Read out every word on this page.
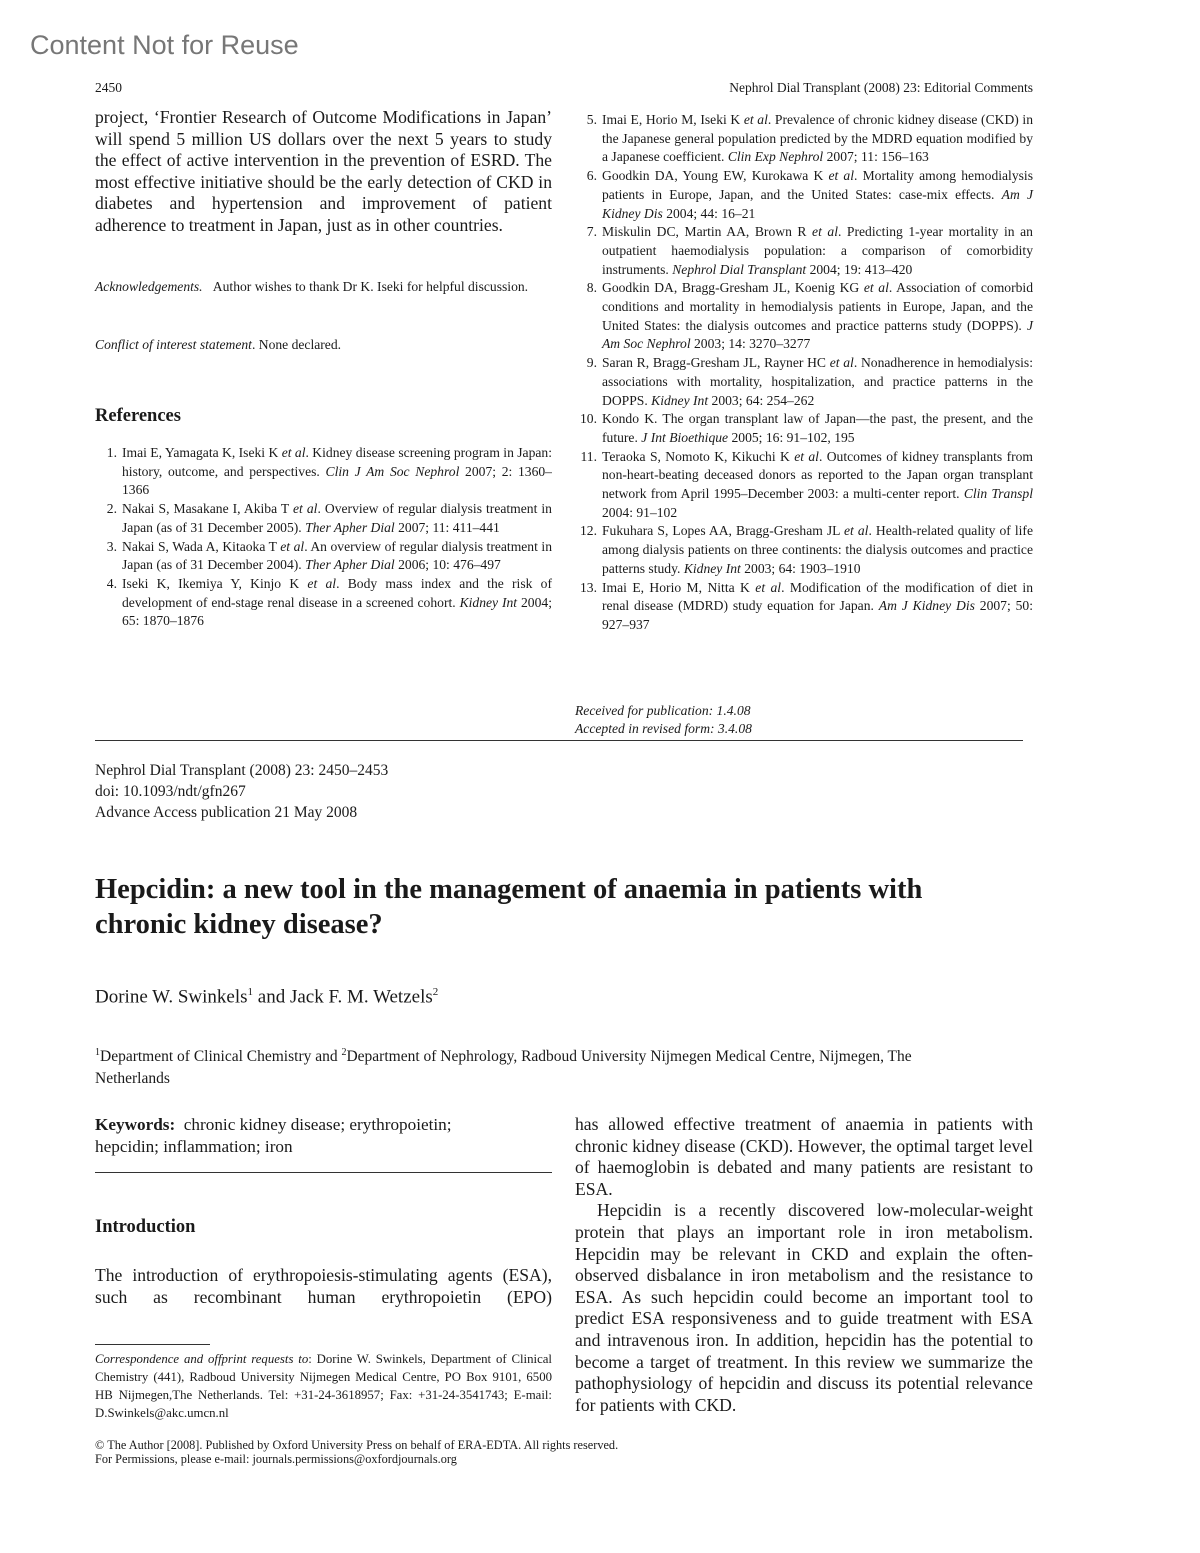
Content Not for Reuse
2450	Nephrol Dial Transplant (2008) 23: Editorial Comments
project, ‘Frontier Research of Outcome Modifications in Japan’ will spend 5 million US dollars over the next 5 years to study the effect of active intervention in the prevention of ESRD. The most effective initiative should be the early detection of CKD in diabetes and hypertension and improvement of patient adherence to treatment in Japan, just as in other countries.
Acknowledgements. Author wishes to thank Dr K. Iseki for helpful discussion.
Conflict of interest statement. None declared.
References
1. Imai E, Yamagata K, Iseki K et al. Kidney disease screening program in Japan: history, outcome, and perspectives. Clin J Am Soc Nephrol 2007; 2: 1360–1366
2. Nakai S, Masakane I, Akiba T et al. Overview of regular dialysis treatment in Japan (as of 31 December 2005). Ther Apher Dial 2007; 11: 411–441
3. Nakai S, Wada A, Kitaoka T et al. An overview of regular dialysis treatment in Japan (as of 31 December 2004). Ther Apher Dial 2006; 10: 476–497
4. Iseki K, Ikemiya Y, Kinjo K et al. Body mass index and the risk of development of end-stage renal disease in a screened cohort. Kidney Int 2004; 65: 1870–1876
5. Imai E, Horio M, Iseki K et al. Prevalence of chronic kidney disease (CKD) in the Japanese general population predicted by the MDRD equation modified by a Japanese coefficient. Clin Exp Nephrol 2007; 11: 156–163
6. Goodkin DA, Young EW, Kurokawa K et al. Mortality among hemodialysis patients in Europe, Japan, and the United States: case-mix effects. Am J Kidney Dis 2004; 44: 16–21
7. Miskulin DC, Martin AA, Brown R et al. Predicting 1-year mortality in an outpatient haemodialysis population: a comparison of comorbidity instruments. Nephrol Dial Transplant 2004; 19: 413–420
8. Goodkin DA, Bragg-Gresham JL, Koenig KG et al. Association of comorbid conditions and mortality in hemodialysis patients in Europe, Japan, and the United States: the dialysis outcomes and practice patterns study (DOPPS). J Am Soc Nephrol 2003; 14: 3270–3277
9. Saran R, Bragg-Gresham JL, Rayner HC et al. Nonadherence in hemodialysis: associations with mortality, hospitalization, and practice patterns in the DOPPS. Kidney Int 2003; 64: 254–262
10. Kondo K. The organ transplant law of Japan—the past, the present, and the future. J Int Bioethique 2005; 16: 91–102, 195
11. Teraoka S, Nomoto K, Kikuchi K et al. Outcomes of kidney transplants from non-heart-beating deceased donors as reported to the Japan organ transplant network from April 1995–December 2003: a multi-center report. Clin Transpl 2004: 91–102
12. Fukuhara S, Lopes AA, Bragg-Gresham JL et al. Health-related quality of life among dialysis patients on three continents: the dialysis outcomes and practice patterns study. Kidney Int 2003; 64: 1903–1910
13. Imai E, Horio M, Nitta K et al. Modification of the modification of diet in renal disease (MDRD) study equation for Japan. Am J Kidney Dis 2007; 50: 927–937
Received for publication: 1.4.08
Accepted in revised form: 3.4.08
Nephrol Dial Transplant (2008) 23: 2450–2453
doi: 10.1093/ndt/gfn267
Advance Access publication 21 May 2008
Hepcidin: a new tool in the management of anaemia in patients with chronic kidney disease?
Dorine W. Swinkels$^1$ and Jack F. M. Wetzels$^2$
$^1$Department of Clinical Chemistry and $^2$Department of Nephrology, Radboud University Nijmegen Medical Centre, Nijmegen, The Netherlands
Keywords: chronic kidney disease; erythropoietin; hepcidin; inflammation; iron
Introduction
The introduction of erythropoiesis-stimulating agents (ESA), such as recombinant human erythropoietin (EPO)
Correspondence and offprint requests to: Dorine W. Swinkels, Department of Clinical Chemistry (441), Radboud University Nijmegen Medical Centre, PO Box 9101, 6500 HB Nijmegen,The Netherlands. Tel: +31-24-3618957; Fax: +31-24-3541743; E-mail: D.Swinkels@akc.umcn.nl

has allowed effective treatment of anaemia in patients with chronic kidney disease (CKD). However, the optimal target level of haemoglobin is debated and many patients are resistant to ESA.

Hepcidin is a recently discovered low-molecular-weight protein that plays an important role in iron metabolism. Hepcidin may be relevant in CKD and explain the often-observed disbalance in iron metabolism and the resistance to ESA. As such hepcidin could become an important tool to predict ESA responsiveness and to guide treatment with ESA and intravenous iron. In addition, hepcidin has the potential to become a target of treatment. In this review we summarize the pathophysiology of hepcidin and discuss its potential relevance for patients with CKD.

© The Author [2008]. Published by Oxford University Press on behalf of ERA-EDTA. All rights reserved.
For Permissions, please e-mail: journals.permissions@oxfordjournals.org
